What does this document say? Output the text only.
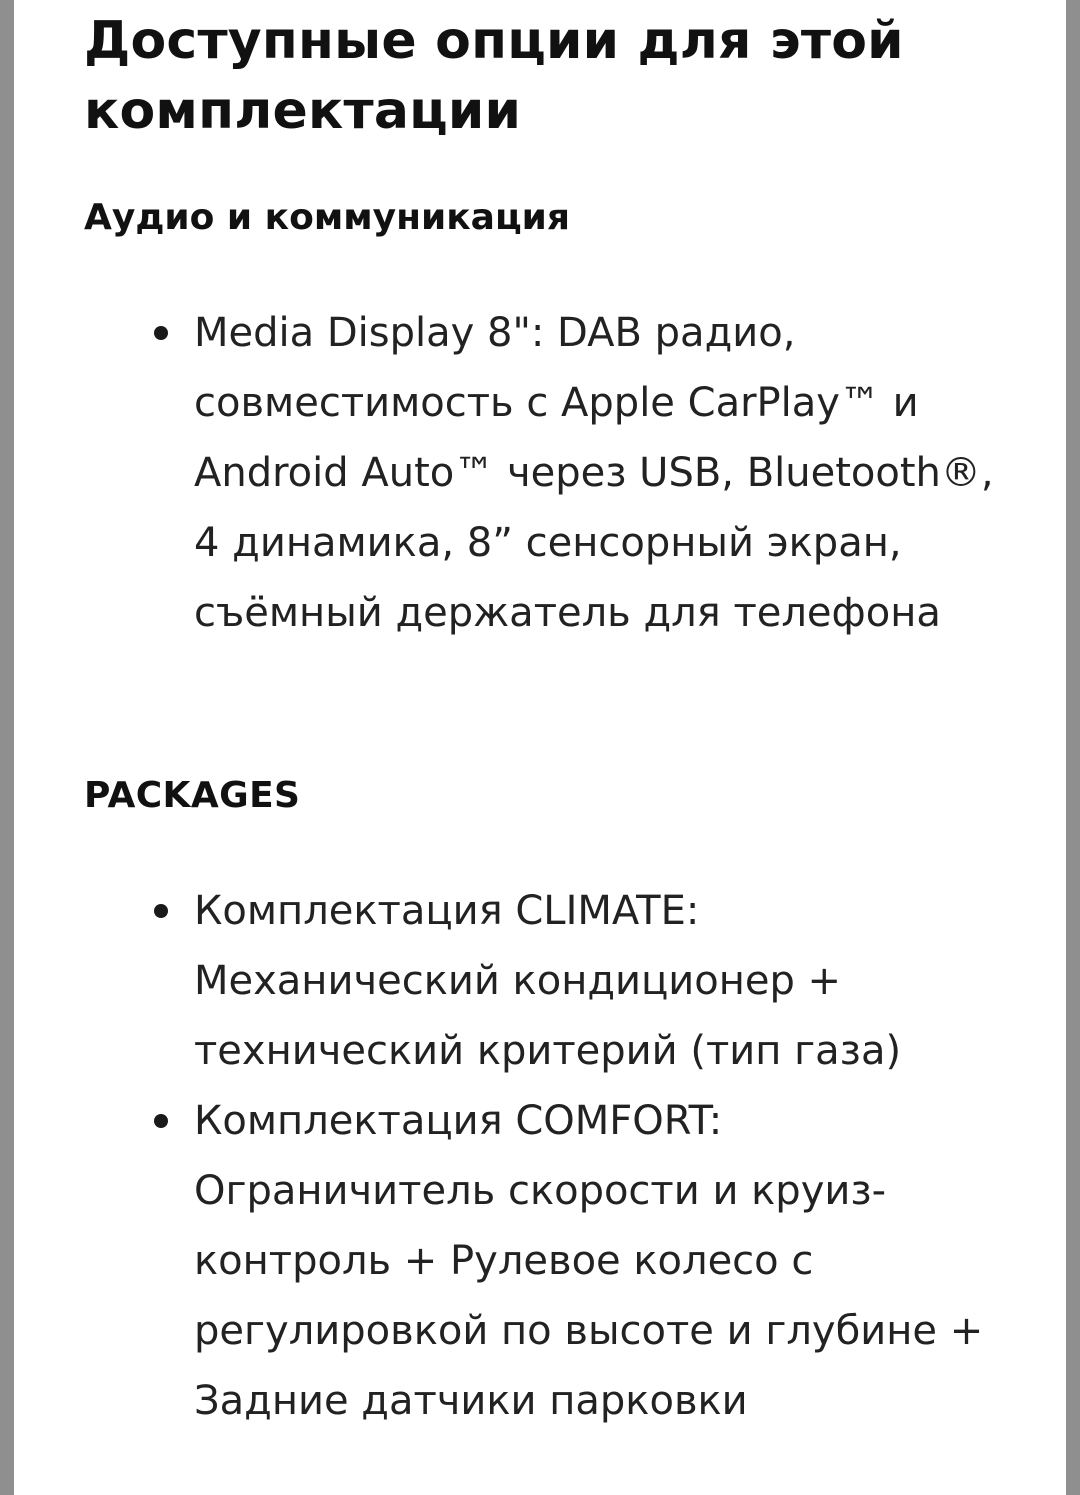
Доступные опции для этой комплектации
Аудио и коммуникация
Media Display 8": DAB радио, совместимость с Apple CarPlay™ и Android Auto™ через USB, Bluetooth®, 4 динамика, 8” сенсорный экран, съёмный держатель для телефона
PACKAGES
Комплектация CLIMATE: Механический кондиционер + технический критерий (тип газа)
Комплектация COMFORT: Ограничитель скорости и круиз-контроль + Рулевое колесо с регулировкой по высоте и глубине + Задние датчики парковки
